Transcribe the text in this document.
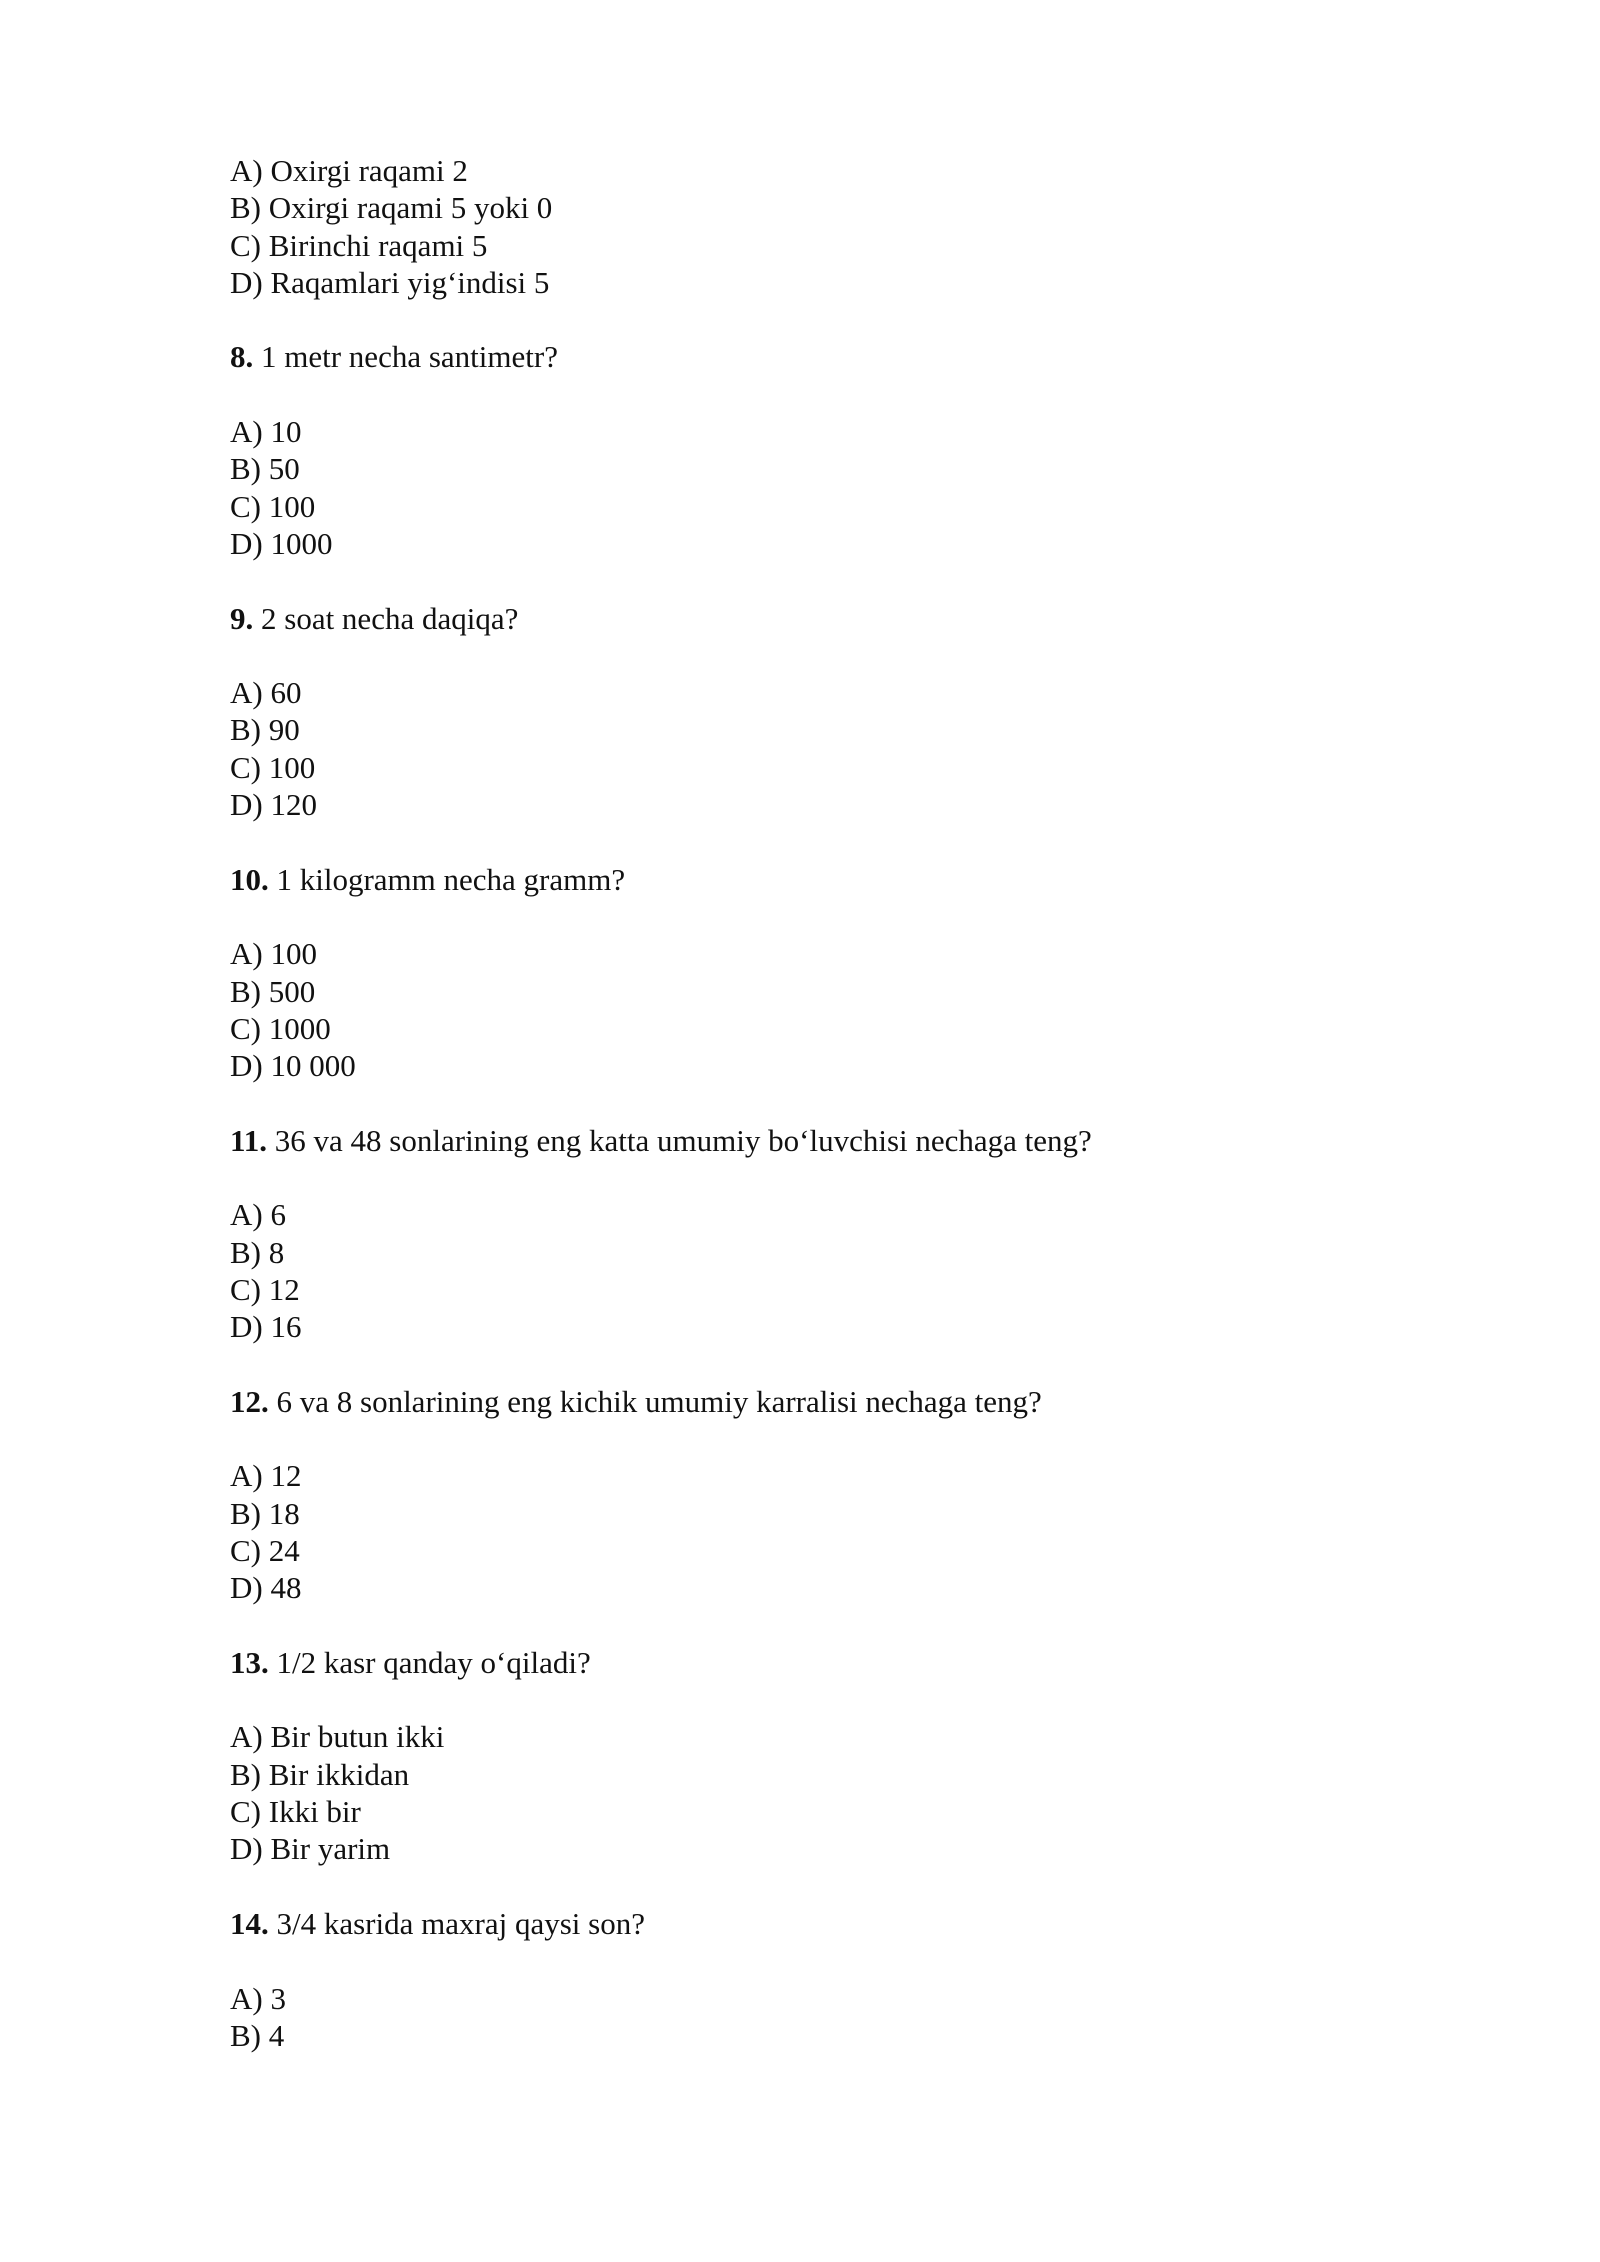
A) Oxirgi raqami 2
B) Oxirgi raqami 5 yoki 0
C) Birinchi raqami 5
D) Raqamlari yig‘indisi 5
8. 1 metr necha santimetr?
A) 10
B) 50
C) 100
D) 1000
9. 2 soat necha daqiqa?
A) 60
B) 90
C) 100
D) 120
10. 1 kilogramm necha gramm?
A) 100
B) 500
C) 1000
D) 10 000
11. 36 va 48 sonlarining eng katta umumiy bo‘luvchisi nechaga teng?
A) 6
B) 8
C) 12
D) 16
12. 6 va 8 sonlarining eng kichik umumiy karralisi nechaga teng?
A) 12
B) 18
C) 24
D) 48
13. 1/2 kasr qanday o‘qiladi?
A) Bir butun ikki
B) Bir ikkidan
C) Ikki bir
D) Bir yarim
14. 3/4 kasrida maxraj qaysi son?
A) 3
B) 4
